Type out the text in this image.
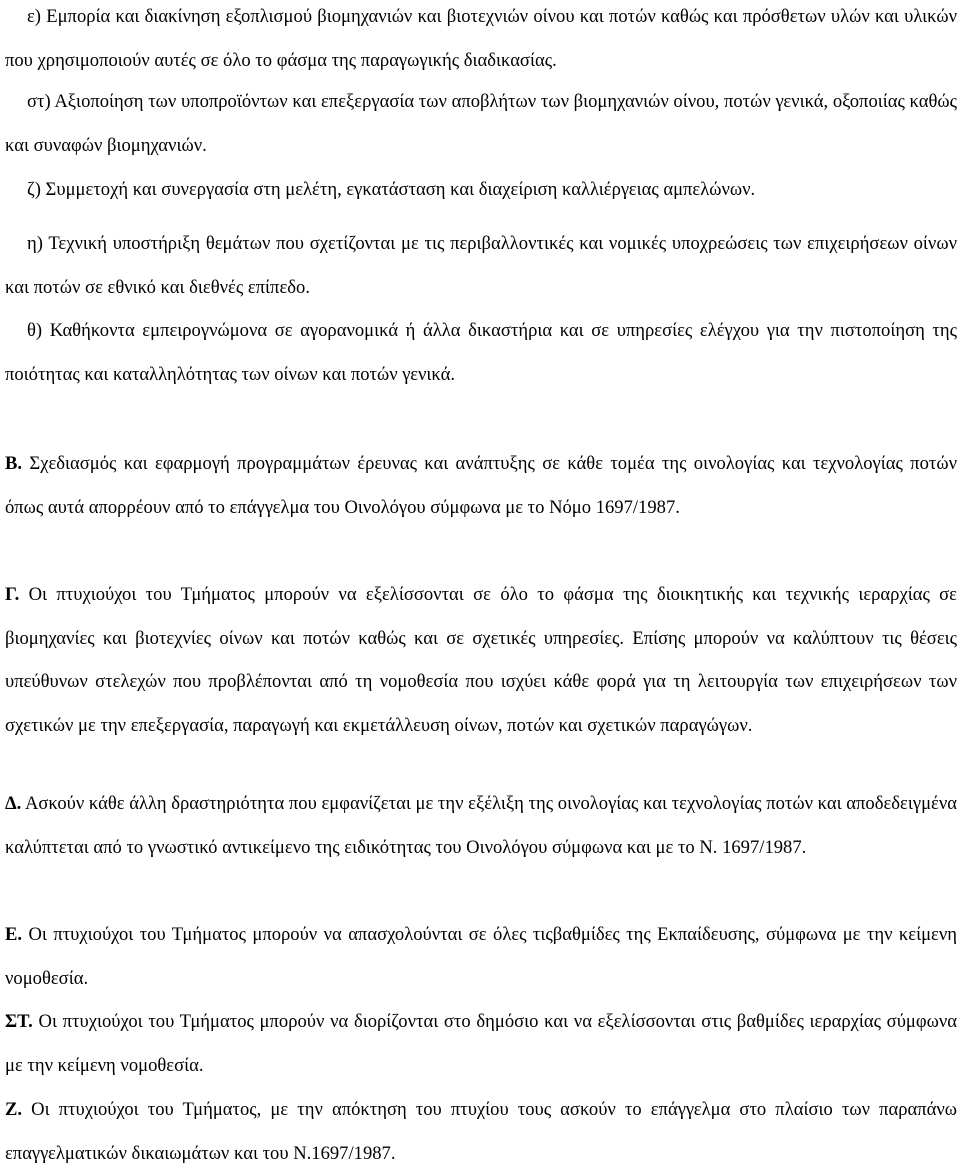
ε) Εμπορία και διακίνηση εξοπλισμού βιομηχανιών και βιοτεχνιών οίνου και ποτών καθώς και πρόσθετων υλών και υλικών που χρησιμοποιούν αυτές σε όλο το φάσμα της παραγωγικής διαδικασίας.

στ) Αξιοποίηση των υποπροϊόντων και επεξεργασία των αποβλήτων των βιομηχανιών οίνου, ποτών γενικά, οξοποιίας καθώς και συναφών βιομηχανιών.

ζ) Συμμετοχή και συνεργασία στη μελέτη, εγκατάσταση και διαχείριση καλλιέργειας αμπελώνων.

η) Τεχνική υποστήριξη θεμάτων που σχετίζονται με τις περιβαλλοντικές και νομικές υποχρεώσεις των επιχειρήσεων οίνων και ποτών σε εθνικό και διεθνές επίπεδο.

θ) Καθήκοντα εμπειρογνώμονα σε αγορανομικά ή άλλα δικαστήρια και σε υπηρεσίες ελέγχου για την πιστοποίηση της ποιότητας και καταλληλότητας των οίνων και ποτών γενικά.

Β. Σχεδιασμός και εφαρμογή προγραμμάτων έρευνας και ανάπτυξης σε κάθε τομέα της οινολογίας και τεχνολογίας ποτών όπως αυτά απορρέουν από το επάγγελμα του Οινολόγου σύμφωνα με το Νόμο 1697/1987.

Γ. Οι πτυχιούχοι του Τμήματος μπορούν να εξελίσσονται σε όλο το φάσμα της διοικητικής και τεχνικής ιεραρχίας σε βιομηχανίες και βιοτεχνίες οίνων και ποτών καθώς και σε σχετικές υπηρεσίες. Επίσης μπορούν να καλύπτουν τις θέσεις υπεύθυνων στελεχών που προβλέπονται από τη νομοθεσία που ισχύει κάθε φορά για τη λειτουργία των επιχειρήσεων των σχετικών με την επεξεργασία, παραγωγή και εκμετάλλευση οίνων, ποτών και σχετικών παραγώγων.

Δ. Ασκούν κάθε άλλη δραστηριότητα που εμφανίζεται με την εξέλιξη της οινολογίας και τεχνολογίας ποτών και αποδεδειγμένα καλύπτεται από το γνωστικό αντικείμενο της ειδικότητας του Οινολόγου σύμφωνα και με το Ν. 1697/1987.

Ε. Οι πτυχιούχοι του Τμήματος μπορούν να απασχολούνται σε όλες τιςβαθμίδες της Εκπαίδευσης, σύμφωνα με την κείμενη νομοθεσία.

ΣΤ. Οι πτυχιούχοι του Τμήματος μπορούν να διορίζονται στο δημόσιο και να εξελίσσονται στις βαθμίδες ιεραρχίας σύμφωνα με την κείμενη νομοθεσία.

Ζ. Οι πτυχιούχοι του Τμήματος, με την απόκτηση του πτυχίου τους ασκούν το επάγγελμα στο πλαίσιο των παραπάνω επαγγελματικών δικαιωμάτων και του Ν.1697/1987.
